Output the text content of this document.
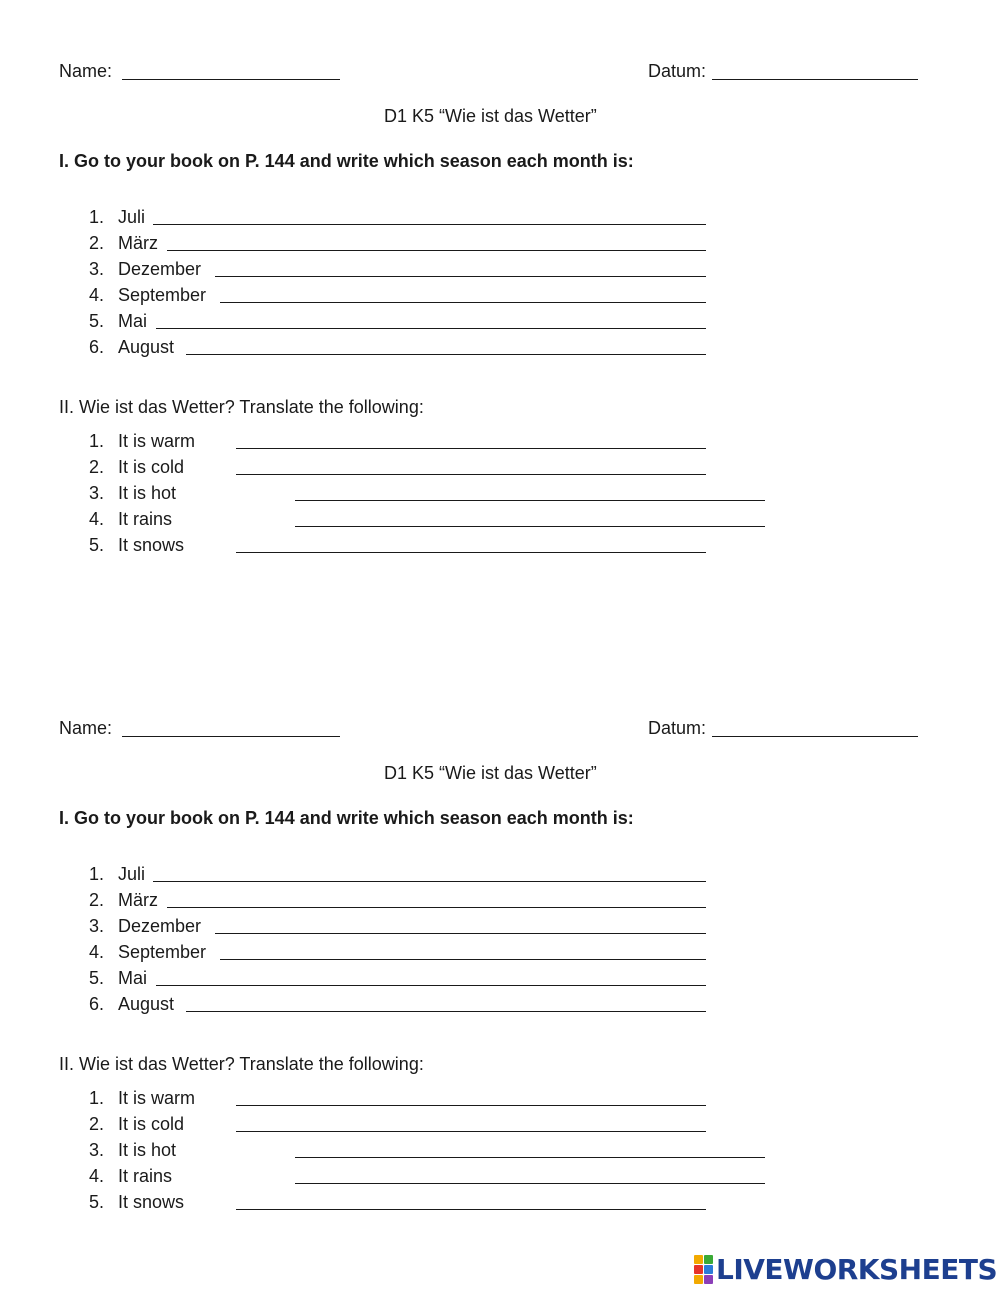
Name:	Datum:
D1 K5 “Wie ist das Wetter”
I. Go to your book on P. 144 and write which season each month is:
1. Juli
2. März
3. Dezember
4. September
5. Mai
6. August
II. Wie ist das Wetter? Translate the following:
1. It is warm
2. It is cold
3. It is hot
4. It rains
5. It snows
Name:	Datum:
D1 K5 “Wie ist das Wetter”
I. Go to your book on P. 144 and write which season each month is:
1. Juli
2. März
3. Dezember
4. September
5. Mai
6. August
II. Wie ist das Wetter? Translate the following:
1. It is warm
2. It is cold
3. It is hot
4. It rains
5. It snows
LIVEWORKSHEETS
